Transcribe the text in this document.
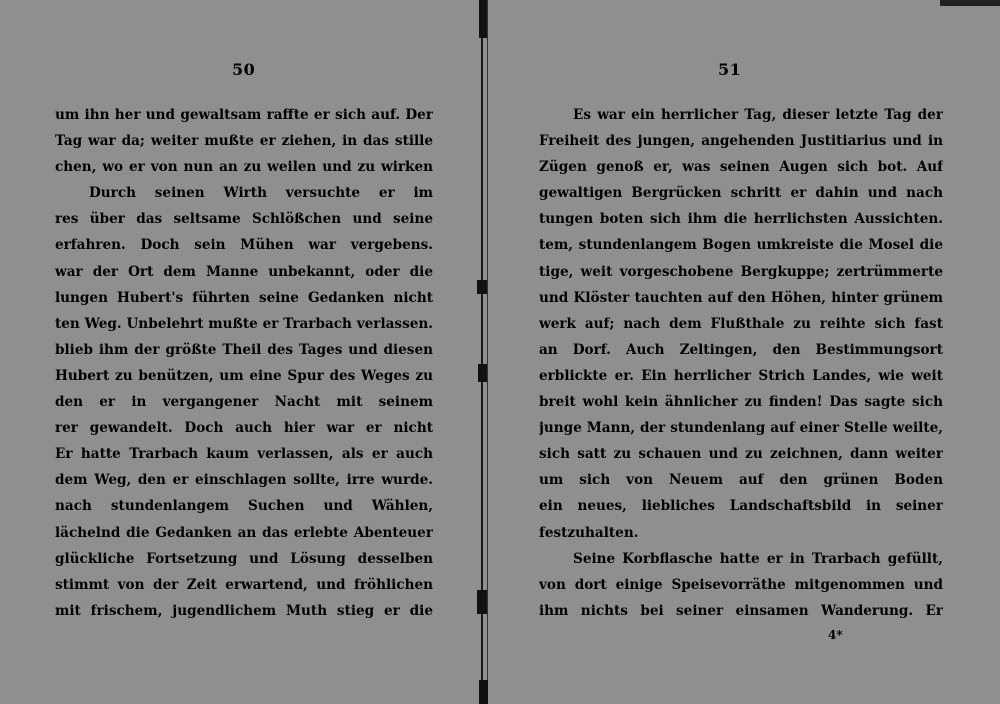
50
um ihn her und gewaltsam raffte er sich auf. Der
Tag war da; weiter mußte er ziehen, in das stille
chen, wo er von nun an zu weilen und zu wirken
Durch seinen Wirth versuchte er im
res über das seltsame Schlößchen und seine
erfahren. Doch sein Mühen war vergebens.
war der Ort dem Manne unbekannt, oder die
lungen Hubert's führten seine Gedanken nicht
ten Weg. Unbelehrt mußte er Trarbach verlassen.
blieb ihm der größte Theil des Tages und diesen
Hubert zu benützen, um eine Spur des Weges zu
den er in vergangener Nacht mit seinem
rer gewandelt. Doch auch hier war er nicht
Er hatte Trarbach kaum verlassen, als er auch
dem Weg, den er einschlagen sollte, irre wurde.
nach stundenlangem Suchen und Wählen,
lächelnd die Gedanken an das erlebte Abenteuer
glückliche Fortsetzung und Lösung desselben
stimmt von der Zeit erwartend, und fröhlichen
mit frischem, jugendlichem Muth stieg er die
51
Es war ein herrlicher Tag, dieser letzte Tag der
Freiheit des jungen, angehenden Justitiarius und in
Zügen genoß er, was seinen Augen sich bot. Auf
gewaltigen Bergrücken schritt er dahin und nach
tungen boten sich ihm die herrlichsten Aussichten.
tem, stundenlangem Bogen umkreiste die Mosel die
tige, weit vorgeschobene Bergkuppe; zertrümmerte
und Klöster tauchten auf den Höhen, hinter grünem
werk auf; nach dem Flußthale zu reihte sich fast
an Dorf. Auch Zeltingen, den Bestimmungsort
erblickte er. Ein herrlicher Strich Landes, wie weit
breit wohl kein ähnlicher zu finden! Das sagte sich
junge Mann, der stundenlang auf einer Stelle weilte,
sich satt zu schauen und zu zeichnen, dann weiter
um sich von Neuem auf den grünen Boden
ein neues, liebliches Landschaftsbild in seiner
festzuhalten.
Seine Korbflasche hatte er in Trarbach gefüllt,
von dort einige Speisevorräthe mitgenommen und
ihm nichts bei seiner einsamen Wanderung. Er
4*
